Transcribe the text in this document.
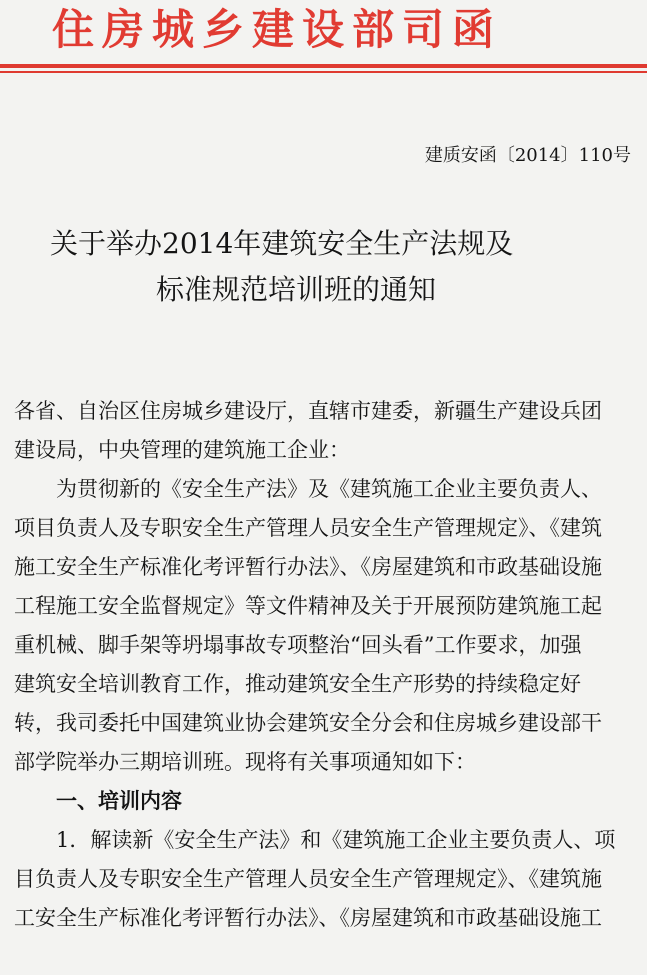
住房城乡建设部司函
建质安函〔2014〕110号
关于举办2014年建筑安全生产法规及
标准规范培训班的通知

各省、自治区住房城乡建设厅，直辖市建委，新疆生产建设兵团

建设局，中央管理的建筑施工企业：

为贯彻新的《安全生产法》及《建筑施工企业主要负责人、

项目负责人及专职安全生产管理人员安全生产管理规定》、《建筑

施工安全生产标准化考评暂行办法》、《房屋建筑和市政基础设施

工程施工安全监督规定》等文件精神及关于开展预防建筑施工起

重机械、脚手架等坍塌事故专项整治“回头看”工作要求，加强

建筑安全培训教育工作，推动建筑安全生产形势的持续稳定好

转，我司委托中国建筑业协会建筑安全分会和住房城乡建设部干

部学院举办三期培训班。现将有关事项通知如下：

一、培训内容

1．解读新《安全生产法》和《建筑施工企业主要负责人、项

目负责人及专职安全生产管理人员安全生产管理规定》、《建筑施

工安全生产标准化考评暂行办法》、《房屋建筑和市政基础设施工
